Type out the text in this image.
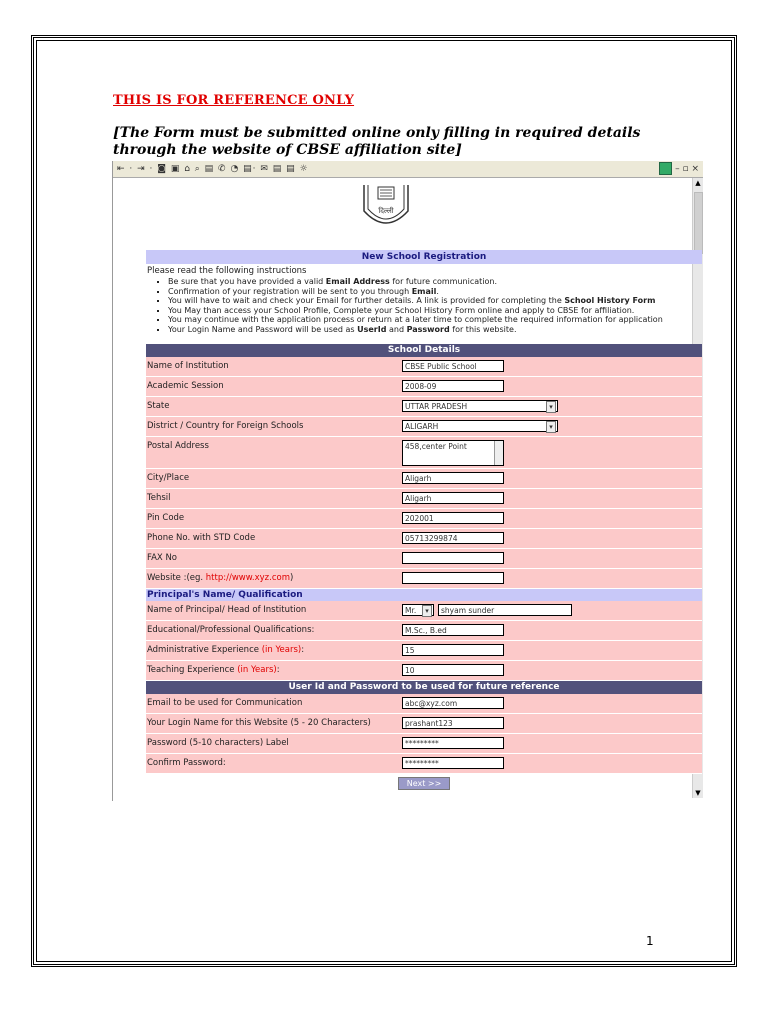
THIS IS FOR REFERENCE ONLY
[The Form must be submitted online only filling in required details through the website of CBSE affiliation site]
⇤ · ⇥ · ◙ ▣ ⌂ ⌕ ▤ ✆ ◔ ▤· ✉ ▤ ▤ ☼	– ▫ ×
▲
▼
दिल्ली
New School Registration
Please read the following instructions
▪ Be sure that you have provided a valid Email Address for future communication.
▪ Confirmation of your registration will be sent to you through Email.
▪ You will have to wait and check your Email for further details. A link is provided for completing the School History Form
▪ You May than access your School Profile, Complete your School History Form online and apply to CBSE for affiliation.
▪ You may continue with the application process or return at a later time to complete the required information for application
▪ Your Login Name and Password will be used as UserId and Password for this website.
School Details
Name of Institution	CBSE Public School
Academic Session	2008-09
State	UTTAR PRADESH ▾
District / Country for Foreign Schools	ALIGARH ▾
Postal Address	458,center Point
City/Place	Aligarh
Tehsil	Aligarh
Pin Code	202001
Phone No. with STD Code	05713299874
FAX No
Website :(eg. http://www.xyz.com)
Principal's Name/ Qualification
Name of Principal/ Head of Institution	Mr. ▾	shyam sunder
Educational/Professional Qualifications:	M.Sc., B.ed
Administrative Experience (in Years):	15
Teaching Experience (in Years):	10
User Id and Password to be used for future reference
Email to be used for Communication	abc@xyz.com
Your Login Name for this Website (5 - 20 Characters)	prashant123
Password (5-10 characters) Label	*********
Confirm Password:	*********
Next >>
1
